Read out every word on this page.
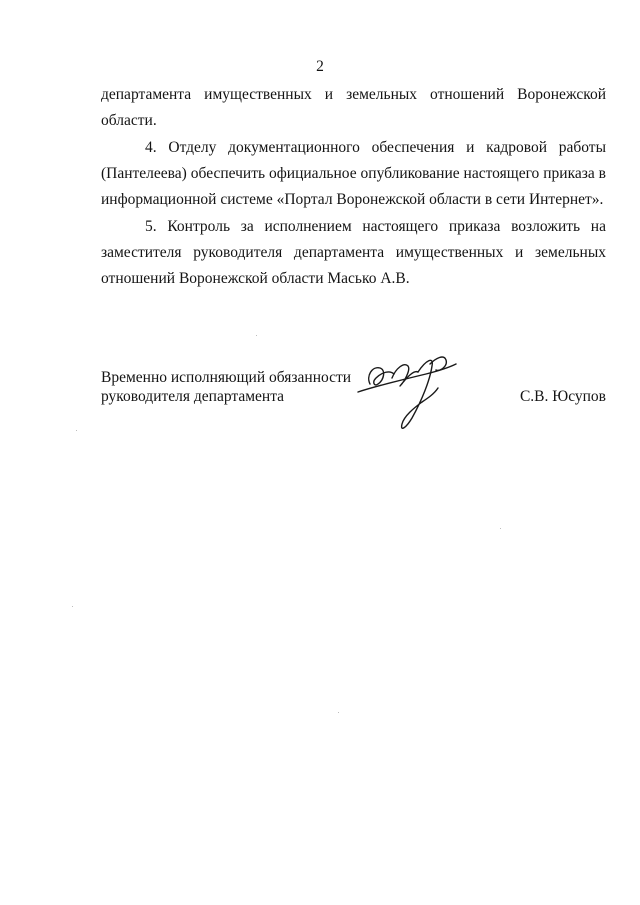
2

департамента имущественных и земельных отношений Воронежской области.

4. Отделу документационного обеспечения и кадровой работы (Пантелеева) обеспечить официальное опубликование настоящего приказа в информационной системе «Портал Воронежской области в сети Интернет».

5. Контроль за исполнением настоящего приказа возложить на заместителя руководителя департамента имущественных и земельных отношений Воронежской области Масько А.В.

Временно исполняющий обязанности
руководителя департамента	С.В. Юсупов
